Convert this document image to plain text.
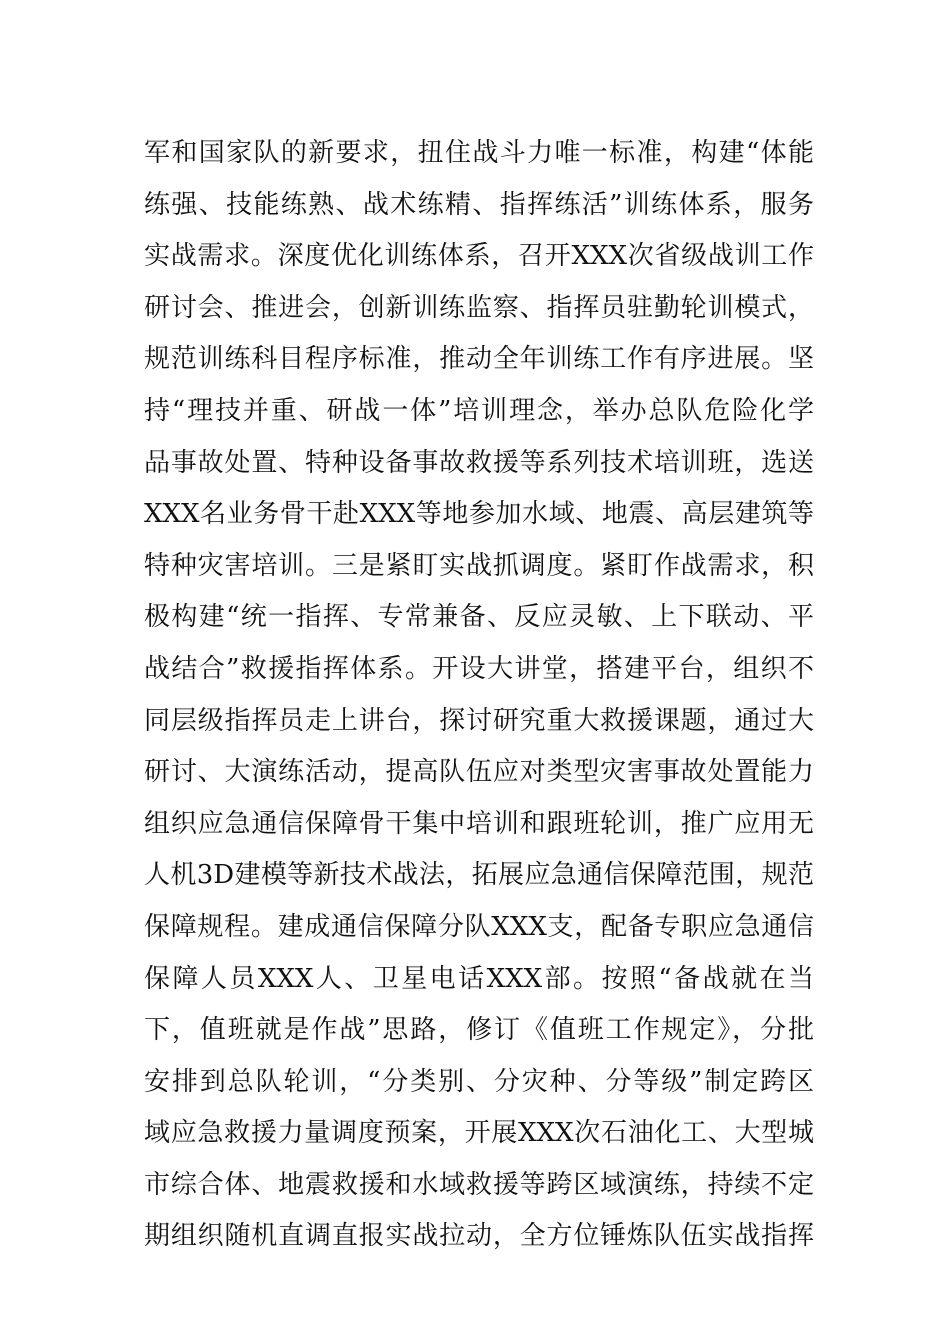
军和国家队的新要求，扭住战斗力唯一标准，构建“体能
练强、技能练熟、战术练精、指挥练活”训练体系，服务
实战需求。深度优化训练体系，召开XXX次省级战训工作
研讨会、推进会，创新训练监察、指挥员驻勤轮训模式，
规范训练科目程序标准，推动全年训练工作有序进展。坚
持“理技并重、研战一体”培训理念，举办总队危险化学
品事故处置、特种设备事故救援等系列技术培训班，选送
XXX名业务骨干赴XXX等地参加水域、地震、高层建筑等
特种灾害培训。三是紧盯实战抓调度。紧盯作战需求，积
极构建“统一指挥、专常兼备、反应灵敏、上下联动、平
战结合”救援指挥体系。开设大讲堂，搭建平台，组织不
同层级指挥员走上讲台，探讨研究重大救援课题，通过大
研讨、大演练活动，提高队伍应对类型灾害事故处置能力
组织应急通信保障骨干集中培训和跟班轮训，推广应用无
人机3D建模等新技术战法，拓展应急通信保障范围，规范
保障规程。建成通信保障分队XXX支，配备专职应急通信
保障人员XXX人、卫星电话XXX部。按照“备战就在当
下，值班就是作战”思路，修订《值班工作规定》，分批
安排到总队轮训，“分类别、分灾种、分等级”制定跨区
域应急救援力量调度预案，开展XXX次石油化工、大型城
市综合体、地震救援和水域救援等跨区域演练，持续不定
期组织随机直调直报实战拉动，全方位锤炼队伍实战指挥
